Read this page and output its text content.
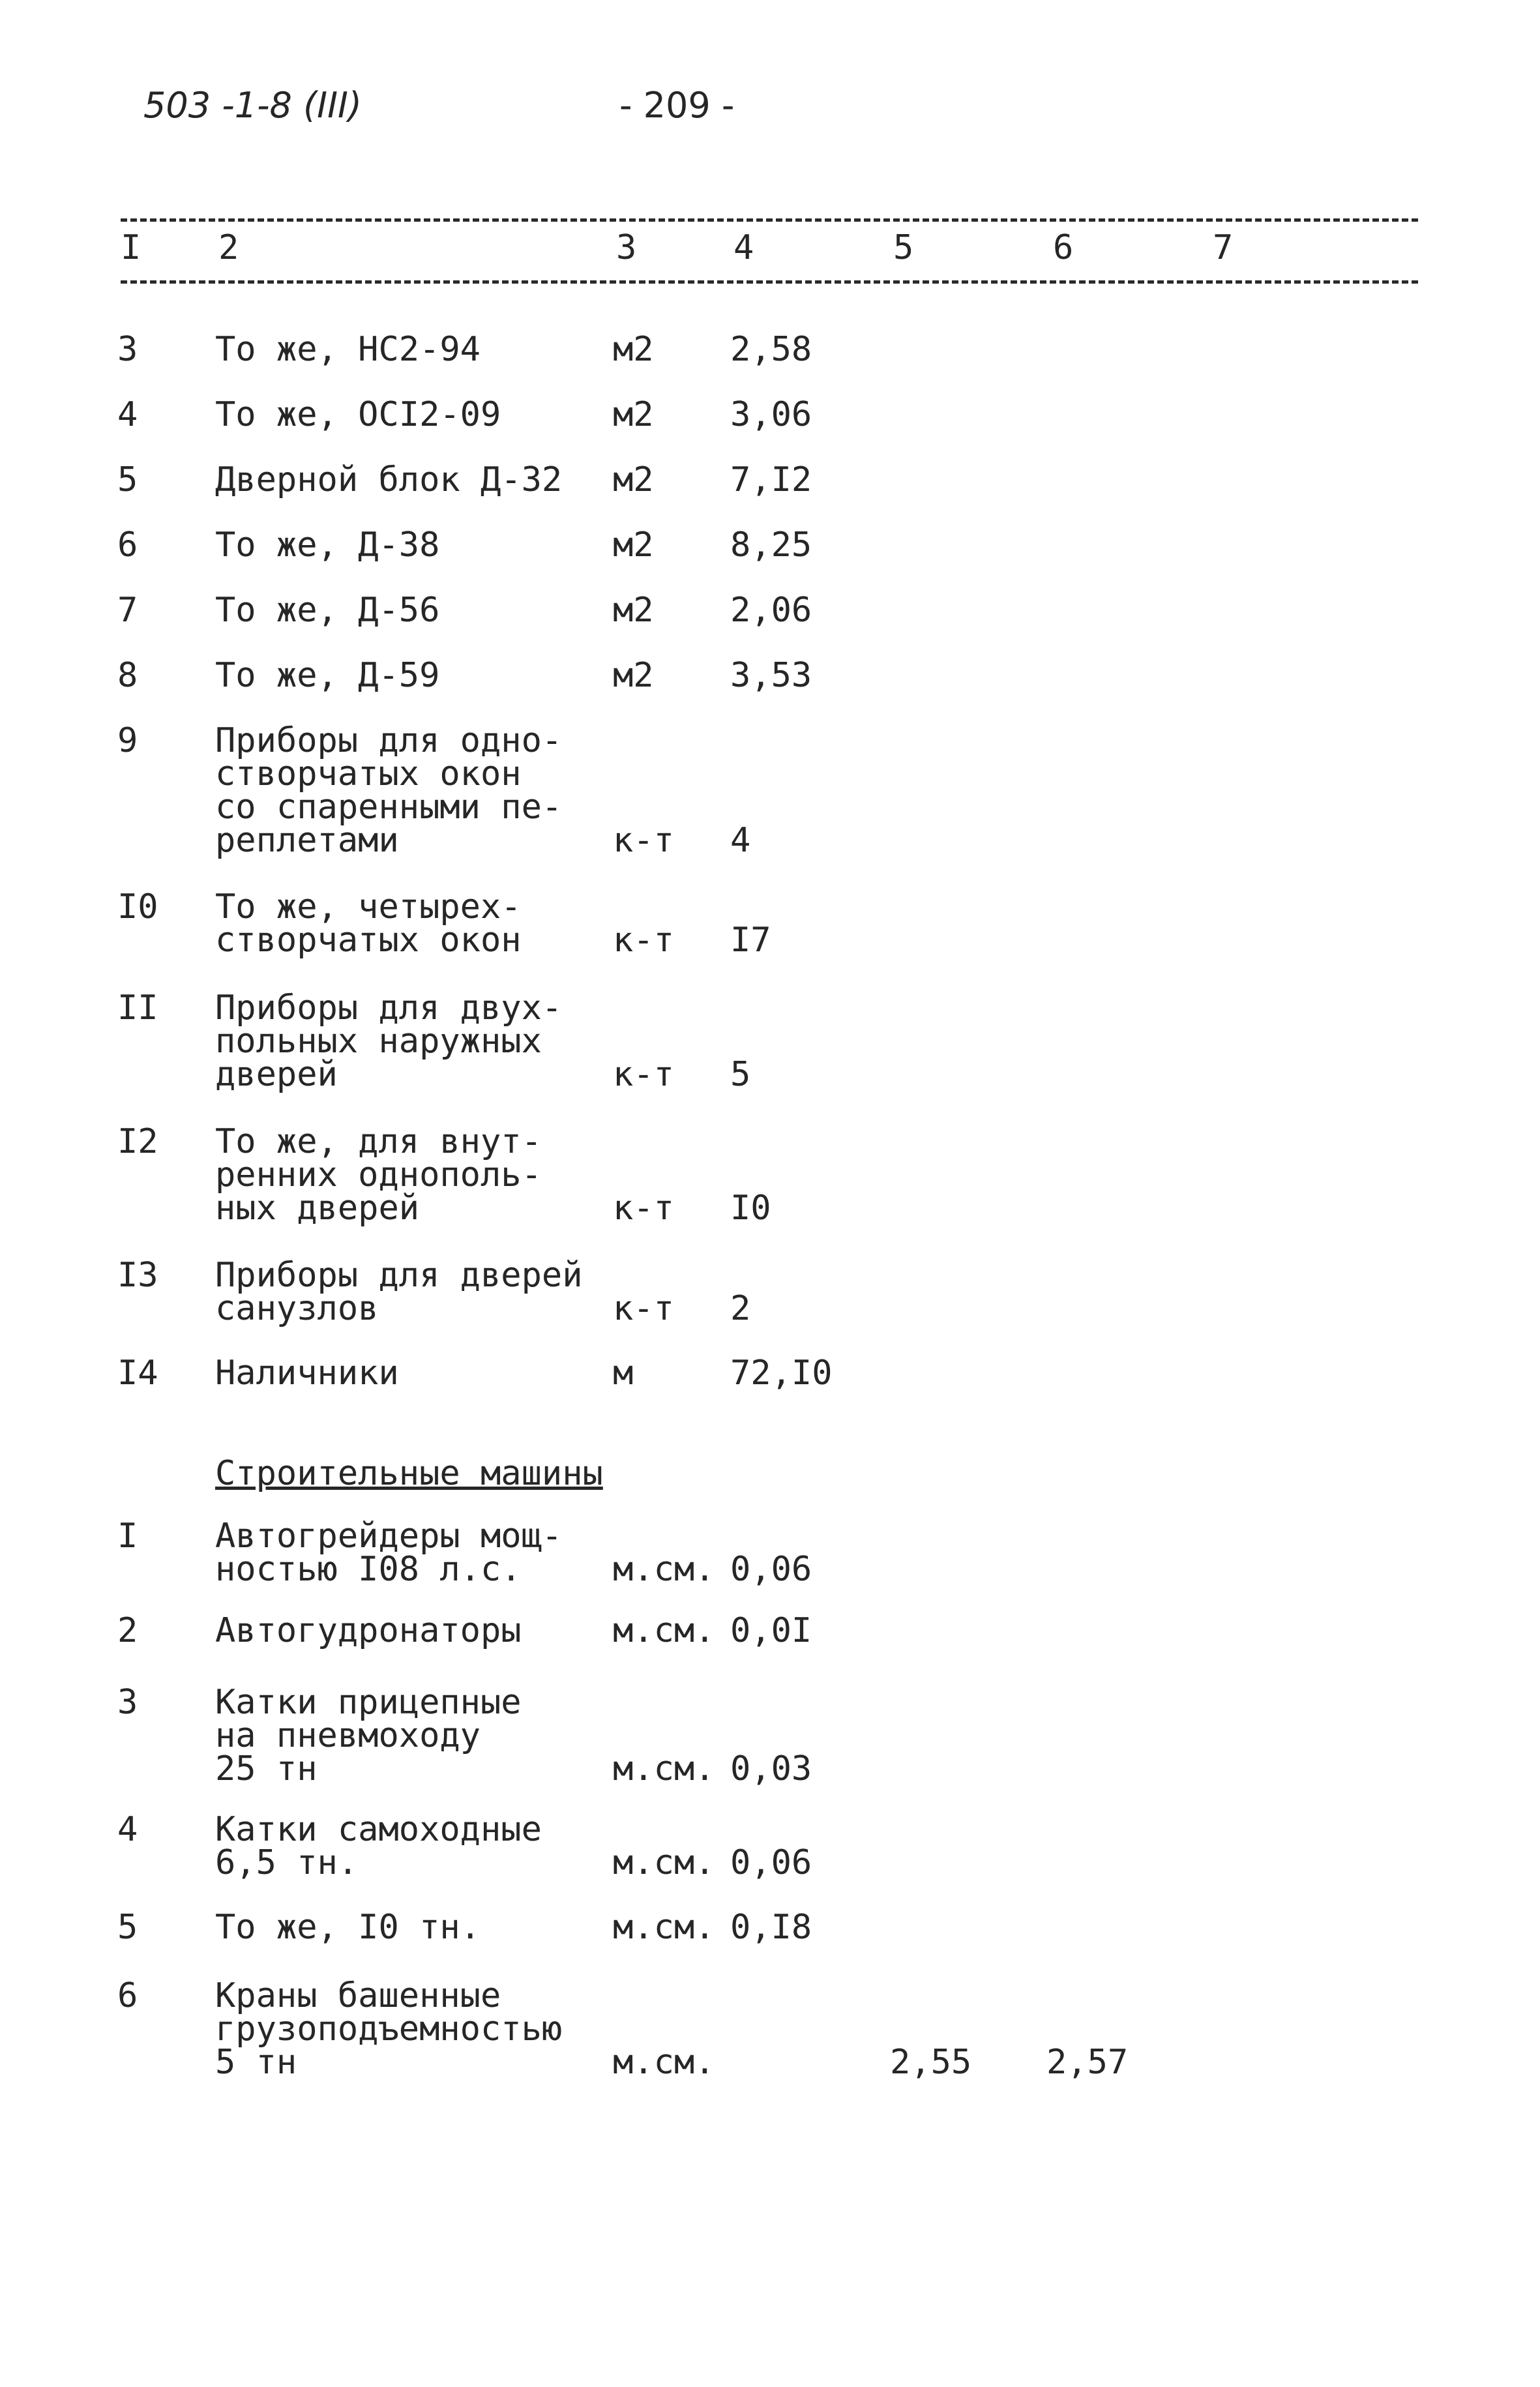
503 -1-8 (III)	- 209 -
I 2	3	4	5	6	7
3 То же, НС2-94	м2 2,58
4 То же, ОСI2-09	м2 3,06
5 Дверной блок Д-32 м2 7,I2
6 То же, Д-38	м2 8,25
7 То же, Д-56	м2 2,06
8 То же, Д-59	м2 3,53
9 Приборы для одно-
створчатых окон
со спаренными пе-
реплетами	к-т 4
I0 То же, четырех-
створчатых окон	к-т I7
II Приборы для двух-
польных наружных
дверей	к-т 5
I2 То же, для внут-
ренних однополь-
ных дверей	к-т I0
I3 Приборы для дверей
санузлов	к-т 2
I4 Наличники	м	72,I0
Строительные машины
I Автогрейдеры мощ-
ностью I08 л.с.	м.см. 0,06
2 Автогудронаторы	м.см. 0,0I
3 Катки прицепные
на пневмоходу
25 тн	м.см. 0,03
4 Катки самоходные
6,5 тн.	м.см. 0,06
5 То же, I0 тн.	м.см. 0,I8
6 Краны башенные
грузоподъемностью
5 тн	м.см.	2,55 2,57
